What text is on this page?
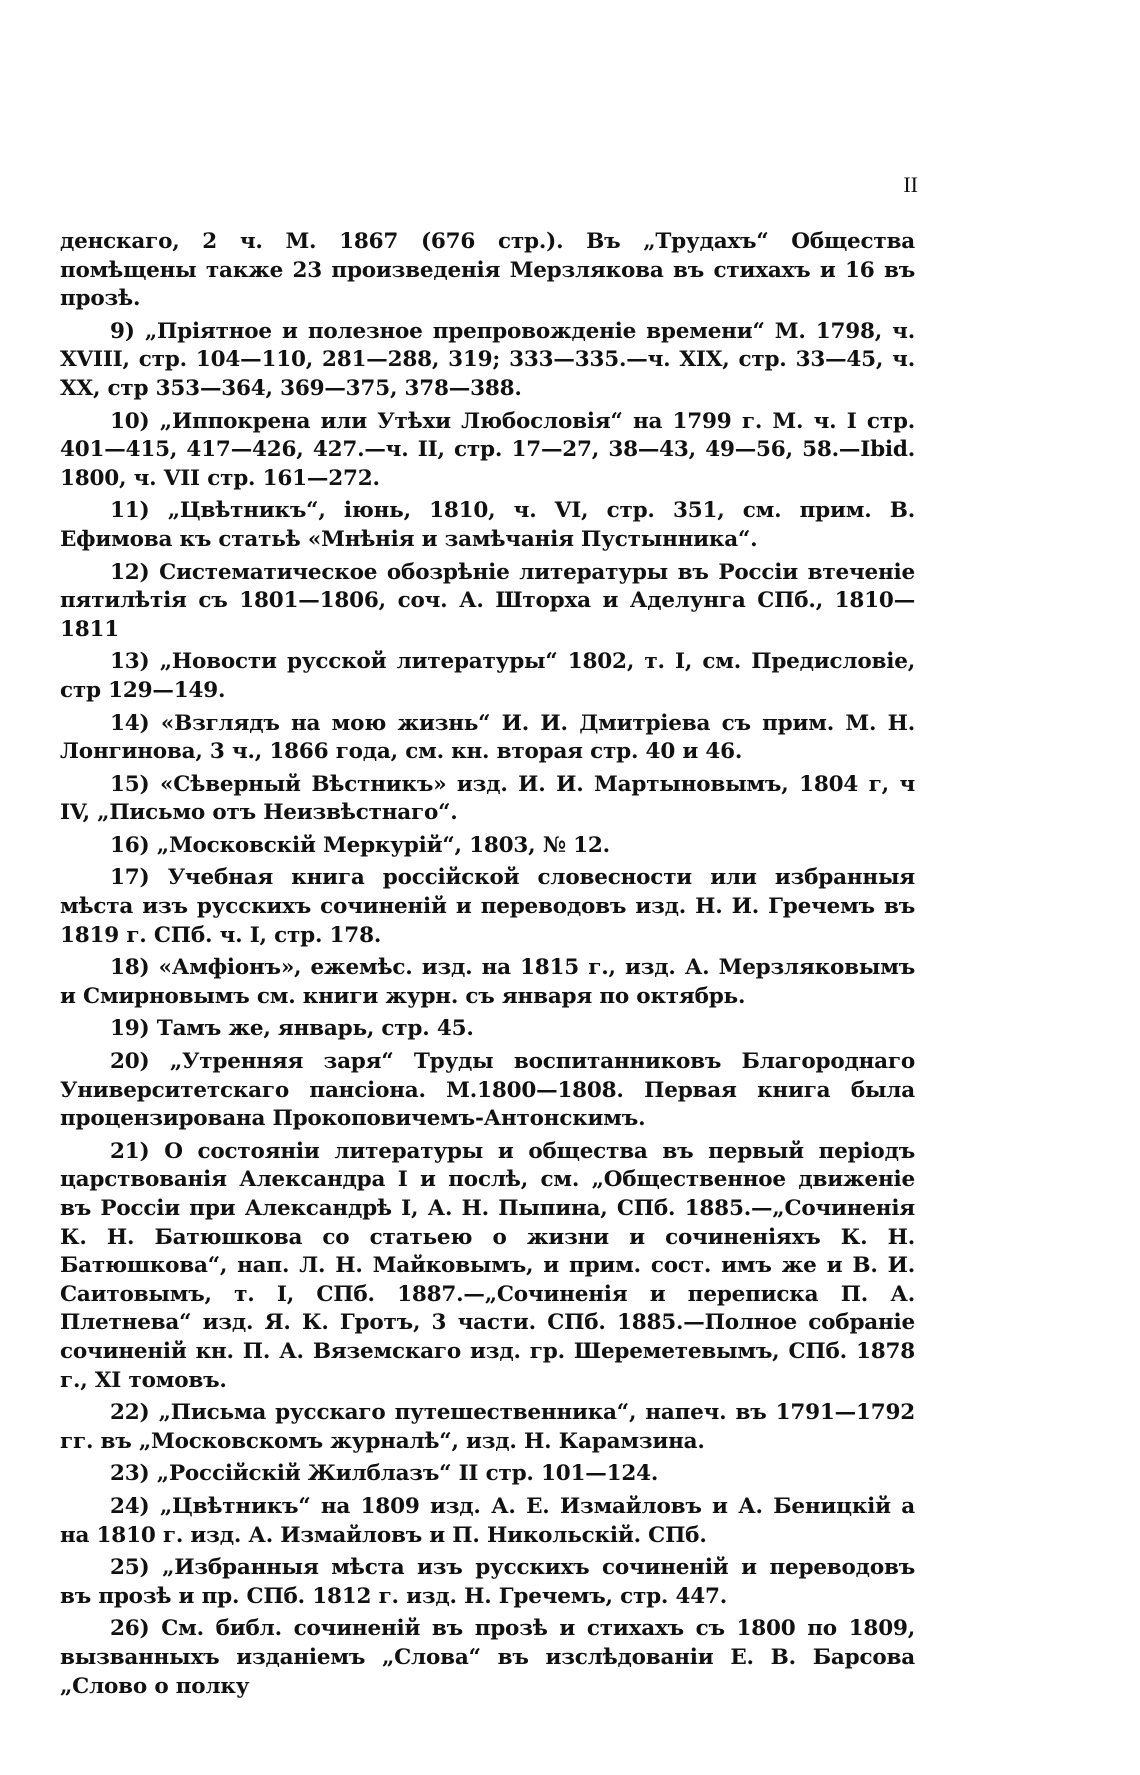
II

денскаго, 2 ч. М. 1867 (676 стр.). Въ „Трудахъ“ Общества помѣщены также 23 произведенія Мерзлякова въ стихахъ и 16 въ прозѣ.

9) „Пріятное и полезное препровожденіе времени“ М. 1798, ч. XVIII, стр. 104—110, 281—288, 319; 333—335.—ч. XIX, стр. 33—45, ч. XX, стр 353—364, 369—375, 378—388.

10) „Иппокрена или Утѣхи Любословія“ на 1799 г. М. ч. I стр. 401—415, 417—426, 427.—ч. II, стр. 17—27, 38—43, 49—56, 58.—Ibid. 1800, ч. VII стр. 161—272.

11) „Цвѣтникъ“, іюнь, 1810, ч. VI, стр. 351, см. прим. В. Ефимова къ статьѣ «Мнѣнія и замѣчанія Пустынника“.

12) Систематическое обозрѣніе литературы въ Россіи втеченіе пятилѣтія съ 1801—1806, соч. А. Шторха и Аделунга СПб., 1810—1811

13) „Новости русской литературы“ 1802, т. I, см. Предисловіе, стр 129—149.

14) «Взглядъ на мою жизнь“ И. И. Дмитріева съ прим. М. Н. Лонгинова, 3 ч., 1866 года, см. кн. вторая стр. 40 и 46.

15) «Сѣверный Вѣстникъ» изд. И. И. Мартыновымъ, 1804 г, ч IV, „Письмо отъ Неизвѣстнаго“.

16) „Московскій Меркурій“, 1803, № 12.

17) Учебная книга россійской словесности или избранныя мѣста изъ русскихъ сочиненій и переводовъ изд. Н. И. Гречемъ въ 1819 г. СПб. ч. I, стр. 178.

18) «Амфіонъ», ежемѣс. изд. на 1815 г., изд. А. Мерзляковымъ и Смирновымъ см. книги журн. съ января по октябрь.

19) Тамъ же, январь, стр. 45.

20) „Утренняя заря“ Труды воспитанниковъ Благороднаго Университетскаго пансіона. М.1800—1808. Первая книга была процензирована Прокоповичемъ-Антонскимъ.

21) О состояніи литературы и общества въ первый періодъ царствованія Александра I и послѣ, см. „Общественное движеніе въ Россіи при Александрѣ I, А. Н. Пыпина, СПб. 1885.—„Сочиненія К. Н. Батюшкова со статьею о жизни и сочиненіяхъ К. Н. Батюшкова“, нап. Л. Н. Майковымъ, и прим. сост. имъ же и В. И. Саитовымъ, т. I, СПб. 1887.—„Сочиненія и переписка П. А. Плетнева“ изд. Я. К. Гротъ, 3 части. СПб. 1885.—Полное собраніе сочиненій кн. П. А. Вяземскаго изд. гр. Шереметевымъ, СПб. 1878 г., XI томовъ.

22) „Письма русскаго путешественника“, напеч. въ 1791—1792 гг. въ „Московскомъ журналѣ“, изд. Н. Карамзина.

23) „Россійскій Жилблазъ“ II стр. 101—124.

24) „Цвѣтникъ“ на 1809 изд. А. Е. Измайловъ и А. Беницкій а на 1810 г. изд. А. Измайловъ и П. Никольскій. СПб.

25) „Избранныя мѣста изъ русскихъ сочиненій и переводовъ въ прозѣ и пр. СПб. 1812 г. изд. Н. Гречемъ, стр. 447.

26) См. библ. сочиненій въ прозѣ и стихахъ съ 1800 по 1809, вызванныхъ изданіемъ „Слова“ въ изслѣдованіи Е. В. Барсова „Слово о полку
